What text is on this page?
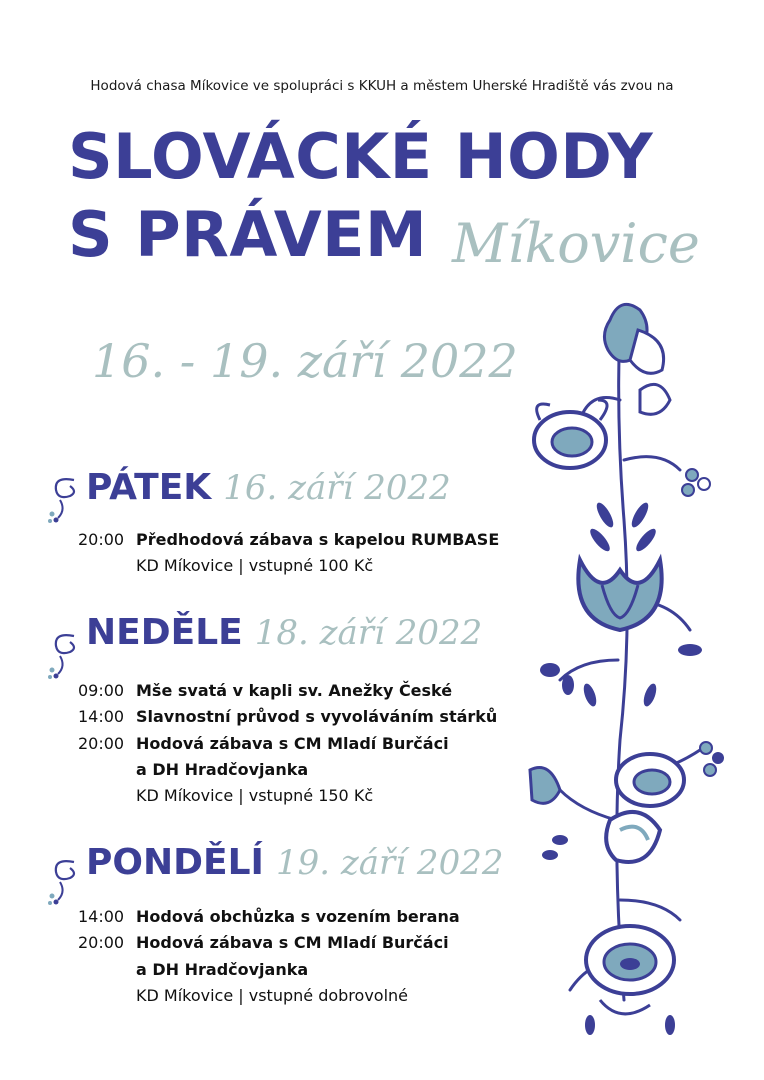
Hodová chasa Míkovice ve spolupráci s KKUH a městem Uherské Hradiště vás zvou na
SLOVÁCKÉ HODY
S PRÁVEM Míkovice
16. - 19. září 2022
PÁTEK 16. září 2022
20:00 Předhodová zábava s kapelou RUMBASE
KD Míkovice | vstupné 100 Kč
NEDĚLE 18. září 2022
09:00 Mše svatá v kapli sv. Anežky České
14:00 Slavnostní průvod s vyvoláváním stárků
20:00 Hodová zábava s CM Mladí Burčáci
a DH Hradčovjanka
KD Míkovice | vstupné 150 Kč
PONDĚLÍ 19. září 2022
14:00 Hodová obchůzka s vozením berana
20:00 Hodová zábava s CM Mladí Burčáci
a DH Hradčovjanka
KD Míkovice | vstupné dobrovolné
